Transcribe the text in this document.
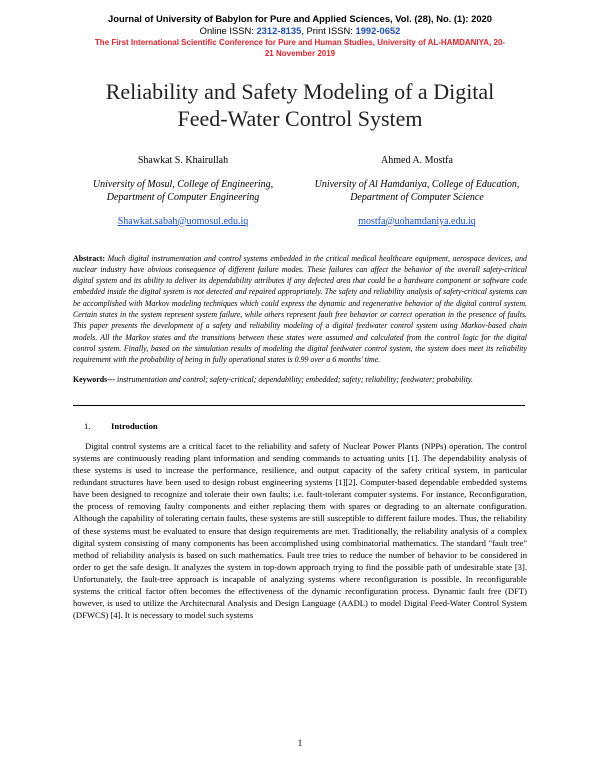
Journal of University of Babylon for Pure and Applied Sciences, Vol. (28), No. (1): 2020
Online ISSN: 2312-8135, Print ISSN: 1992-0652
The First International Scientific Conference for Pure and Human Studies, University of AL-HAMDANIYA, 20-
21 November 2019
Reliability and Safety Modeling of a Digital
Feed-Water Control System
Shawkat S. Khairullah
University of Mosul, College of Engineering,
Department of Computer Engineering
Shawkat.sabah@uomosul.edu.iq
Ahmed A. Mostfa
University of Al Hamdaniya, College of Education,
Department of Computer Science
mostfa@uohamdaniya.edu.iq
Abstract: Much digital instrumentation and control systems embedded in the critical medical healthcare equipment, aerospace devices, and nuclear industry have obvious consequence of different failure modes. These failures can affect the behavior of the overall safety-critical digital system and its ability to deliver its dependability attributes if any defected area that could be a hardware component or software code embedded inside the digital system is not detected and repaired appropriately. The safety and reliability analysis of safety-critical systems can be accomplished with Markov modeling techniques which could express the dynamic and regenerative behavior of the digital control system. Certain states in the system represent system failure, while others represent fault free behavior or correct operation in the presence of faults. This paper presents the development of a safety and reliability modeling of a digital feedwater control system using Markov-based chain models. All the Markov states and the transitions between these states were assumed and calculated from the control logic for the digital control system. Finally, based on the simulation results of modeling the digital feedwater control system, the system does meet its reliability requirement with the probability of being in fully operational states is 0.99 over a 6 months' time.
Keywords--- instrumentation and control; safety-critical; dependability; embedded; safety; reliability; feedwater; probability.
1. Introduction
Digital control systems are a critical facet to the reliability and safety of Nuclear Power Plants (NPPs) operation. The control systems are continuously reading plant information and sending commands to actuating units [1]. The dependability analysis of these systems is used to increase the performance, resilience, and output capacity of the safety critical system, in particular redundant structures have been used to design robust engineering systems [1][2]. Computer-based dependable embedded systems have been designed to recognize and tolerate their own faults; i.e. fault-tolerant computer systems. For instance, Reconfiguration, the process of removing faulty components and either replacing them with spares or degrading to an alternate configuration. Although the capability of tolerating certain faults, these systems are still susceptible to different failure modes. Thus, the reliability of these systems must be evaluated to ensure that design requirements are met. Traditionally, the reliability analysis of a complex digital system consisting of many components has been accomplished using combinatorial mathematics. The standard "fault tree" method of reliability analysis is based on such mathematics. Fault tree tries to reduce the number of behavior to be considered in order to get the safe design. It analyzes the system in top-down approach trying to find the possible path of undesirable state [3]. Unfortunately, the fault-tree approach is incapable of analyzing systems where reconfiguration is possible. In reconfigurable systems the critical factor often becomes the effectiveness of the dynamic reconfiguration process. Dynamic fault free (DFT) however, is used to utilize the Architectural Analysis and Design Language (AADL) to model Digital Feed-Water Control System (DFWCS) [4]. It is necessary to model such systems
1
